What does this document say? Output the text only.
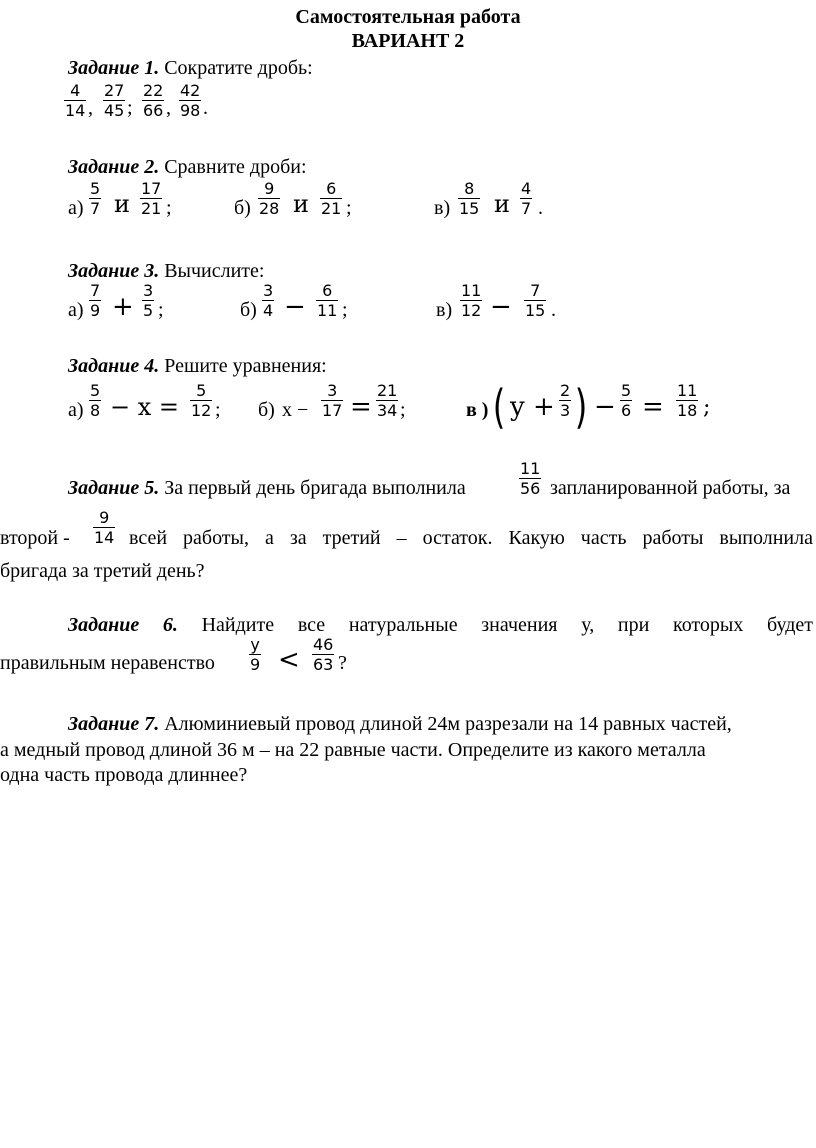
Самостоятельная работа
ВАРИАНТ 2
Задание 1. Сократите дробь:
$\frac{4}{14}$ , $\frac{27}{45}$ ; $\frac{22}{66}$ , $\frac{42}{98}$ .
Задание 2. Сравните дроби:
$а) \frac{5}{7}$ и $\frac{17}{21}$ ;	$б) \frac{9}{28}$ и $\frac{6}{21}$ ;	$в) \frac{8}{15}$ и $\frac{4}{7}$ .
Задание 3. Вычислите:
$а) \frac{7}{9} + \frac{3}{5}$ ;	$б) \frac{3}{4} - \frac{6}{11}$ ;	$в) \frac{11}{12} - \frac{7}{15}$ .
Задание 4. Решите уравнения:
$а) \frac{5}{8} - x = \frac{5}{12}$ ; б) $x - \frac{3}{17} = \frac{21}{34}$ ;	в ) ( $y + \frac{2}{3}$ ) − $\frac{5}{6} = \frac{11}{18}$ ;
Задание 5. За первый день бригада выполнила	$\frac{11}{56}$ запланированной работы, за
второй - $\frac{9}{14}$ всей работы, а за третий – остаток. Какую часть работы выполнила
бригада за третий день?
Задание 6. Найдите все натуральные значения у, при которых будет
правильным неравенство $\frac{y}{9} < \frac{46}{63}$ ?
Задание 7. Алюминиевый провод длиной 24м разрезали на 14 равных частей,
а медный провод длиной 36 м – на 22 равные части. Определите из какого металла
одна часть провода длиннее?
